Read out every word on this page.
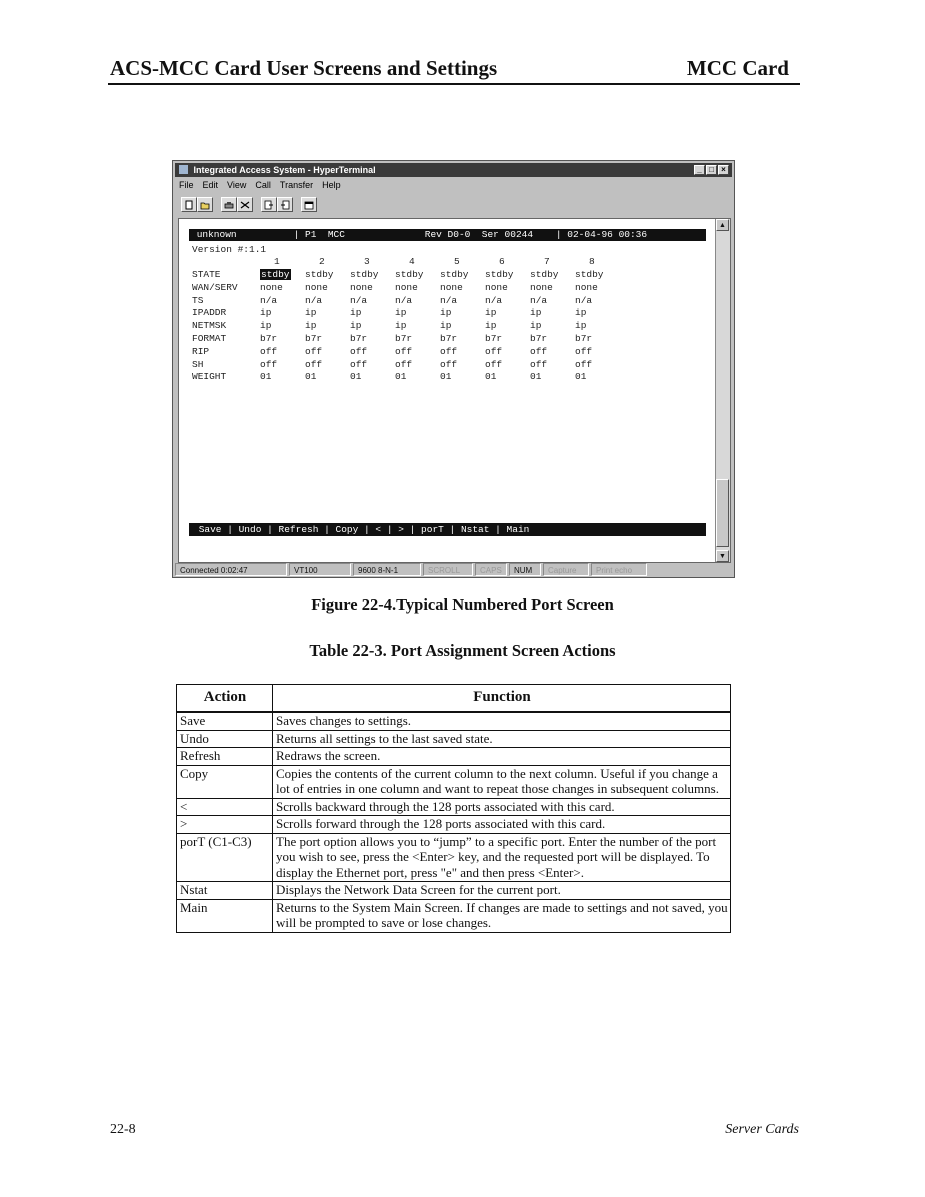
ACS-MCC Card User Screens and Settings	MCC Card
Integrated Access System - HyperTerminal	_ □ ×
File Edit View Call Transfer Help
unknown          | P1  MCC              Rev D0-0  Ser 00244    | 02-04-96 00:36
Version #:1.1
1	2	3	4	5	6	7	8
STATE	stdby stdby stdby stdby stdby stdby stdby stdby
WAN/SERV none none none none none none none none
TS	n/a	n/a	n/a	n/a	n/a	n/a	n/a	n/a
IPADDR	ip	ip	ip	ip	ip	ip	ip	ip
NETMSK	ip	ip	ip	ip	ip	ip	ip	ip
FORMAT	b7r	b7r	b7r	b7r	b7r	b7r	b7r	b7r
RIP	off	off	off	off	off	off	off	off
SH	off	off	off	off	off	off	off	off
WEIGHT	01	01	01	01	01	01	01	01
Save | Undo | Refresh | Copy | < | > | porT | Nstat | Main
▲
▼
Connected 0:02:47	VT100	9600 8-N-1	SCROLL	CAPS	NUM	Capture	Print echo
Figure 22-4.Typical Numbered Port Screen
Table 22-3. Port Assignment Screen Actions
Action	Function
Save	Saves changes to settings.
Undo	Returns all settings to the last saved state.
Refresh	Redraws the screen.
Copy	Copies the contents of the current column to the next column. Useful if you change a lot of entries in one column and want to repeat those changes in subsequent columns.
<	Scrolls backward through the 128 ports associated with this card.
>	Scrolls forward through the 128 ports associated with this card.
porT (C1-C3)	The port option allows you to “jump” to a specific port. Enter the number of the port you wish to see, press the <Enter> key, and the requested port will be displayed. To display the Ethernet port, press "e" and then press <Enter>.
Nstat	Displays the Network Data Screen for the current port.
Main	Returns to the System Main Screen. If changes are made to settings and not saved, you will be prompted to save or lose changes.
22-8	Server Cards
